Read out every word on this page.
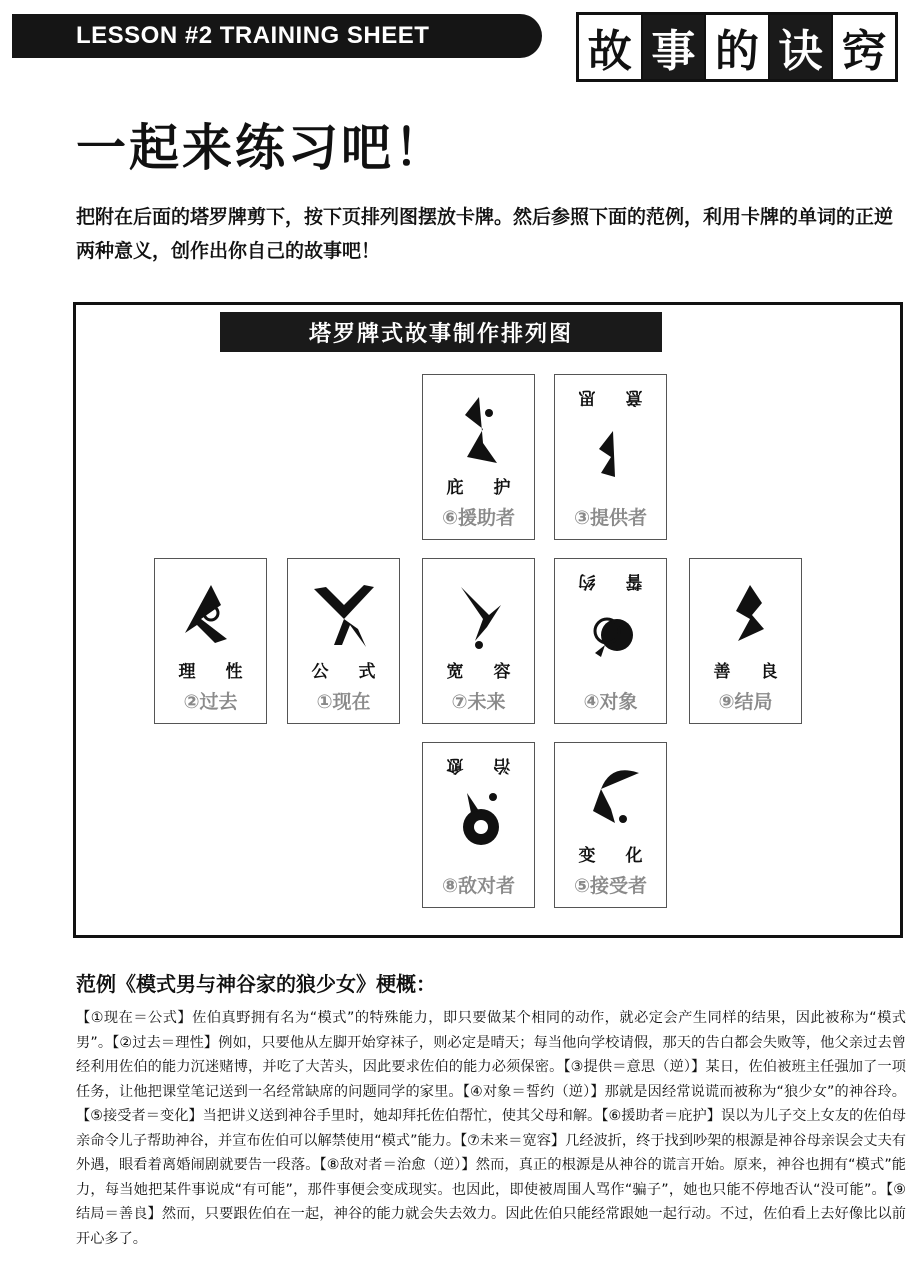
LESSON #2 TRAINING SHEET	故 事 的 诀 窍
一起来练习吧！

把附在后面的塔罗牌剪下，按下页排列图摆放卡牌。然后参照下面的范例，利用卡牌的单词的正逆两种意义，创作出你自己的故事吧！

塔罗牌式故事制作排列图
庇 护
⑥援助者
意 思
③提供者
理 性
②过去
公 式
①现在
宽 容
⑦未来
誓 约
④对象
善 良
⑨结局
治 愈
⑧敌对者
变 化
⑤接受者
范例《模式男与神谷家的狼少女》梗概：

【①现在＝公式】佐伯真野拥有名为“模式”的特殊能力，即只要做某个相同的动作，就必定会产生同样的结果，因此被称为“模式男”。【②过去＝理性】例如，只要他从左脚开始穿袜子，则必定是晴天；每当他向学校请假，那天的告白都会失败等，他父亲过去曾经利用佐伯的能力沉迷赌博，并吃了大苦头，因此要求佐伯的能力必须保密。【③提供＝意思（逆）】某日，佐伯被班主任强加了一项任务，让他把课堂笔记送到一名经常缺席的问题同学的家里。【④对象＝誓约（逆）】那就是因经常说谎而被称为“狼少女”的神谷玲。【⑤接受者＝变化】当把讲义送到神谷手里时，她却拜托佐伯帮忙，使其父母和解。【⑥援助者＝庇护】误以为儿子交上女友的佐伯母亲命令儿子帮助神谷，并宣布佐伯可以解禁使用“模式”能力。【⑦未来＝宽容】几经波折，终于找到吵架的根源是神谷母亲误会丈夫有外遇，眼看着离婚闹剧就要告一段落。【⑧敌对者＝治愈（逆）】然而，真正的根源是从神谷的谎言开始。原来，神谷也拥有“模式”能力，每当她把某件事说成“有可能”，那件事便会变成现实。也因此，即使被周围人骂作“骗子”，她也只能不停地否认“没可能”。【⑨结局＝善良】然而，只要跟佐伯在一起，神谷的能力就会失去效力。因此佐伯只能经常跟她一起行动。不过，佐伯看上去好像比以前开心多了。
